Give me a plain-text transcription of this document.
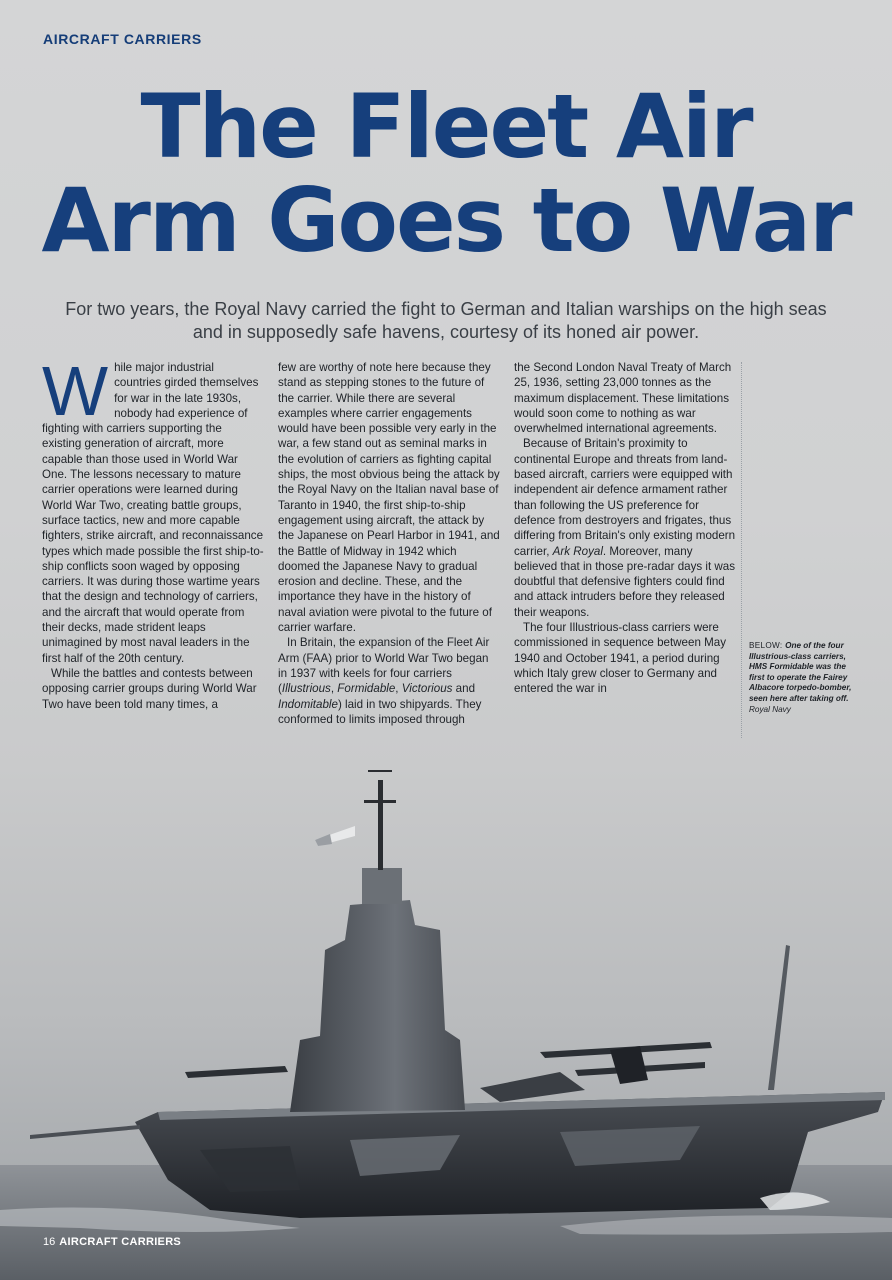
AIRCRAFT CARRIERS
The Fleet Air
Arm Goes to War

For two years, the Royal Navy carried the fight to German and Italian warships on the high seas and in supposedly safe havens, courtesy of its honed air power.

While major industrial countries girded themselves for war in the late 1930s, nobody had experience of fighting with carriers supporting the existing generation of aircraft, more capable than those used in World War One. The lessons necessary to mature carrier operations were learned during World War Two, creating battle groups, surface tactics, new and more capable fighters, strike aircraft, and reconnaissance types which made possible the first ship-to-ship conflicts soon waged by opposing carriers. It was during those wartime years that the design and technology of carriers, and the aircraft that would operate from their decks, made strident leaps unimagined by most naval leaders in the first half of the 20th century.

While the battles and contests between opposing carrier groups during World War Two have been told many times, a

few are worthy of note here because they stand as stepping stones to the future of the carrier. While there are several examples where carrier engagements would have been possible very early in the war, a few stand out as seminal marks in the evolution of carriers as fighting capital ships, the most obvious being the attack by the Royal Navy on the Italian naval base of Taranto in 1940, the first ship-to-ship engagement using aircraft, the attack by the Japanese on Pearl Harbor in 1941, and the Battle of Midway in 1942 which doomed the Japanese Navy to gradual erosion and decline. These, and the importance they have in the history of naval aviation were pivotal to the future of carrier warfare.

In Britain, the expansion of the Fleet Air Arm (FAA) prior to World War Two began in 1937 with keels for four carriers (Illustrious, Formidable, Victorious and Indomitable) laid in two shipyards. They conformed to limits imposed through

the Second London Naval Treaty of March 25, 1936, setting 23,000 tonnes as the maximum displacement. These limitations would soon come to nothing as war overwhelmed international agreements.

Because of Britain's proximity to continental Europe and threats from land-based aircraft, carriers were equipped with independent air defence armament rather than following the US preference for defence from destroyers and frigates, thus differing from Britain's only existing modern carrier, Ark Royal. Moreover, many believed that in those pre-radar days it was doubtful that defensive fighters could find and attack intruders before they released their weapons.

The four Illustrious-class carriers were commissioned in sequence between May 1940 and October 1941, a period during which Italy grew closer to Germany and entered the war in

BELOW: One of the four Illustrious-class carriers, HMS Formidable was the first to operate the Fairey Albacore torpedo-bomber, seen here after taking off.
Royal Navy
16 AIRCRAFT CARRIERS
